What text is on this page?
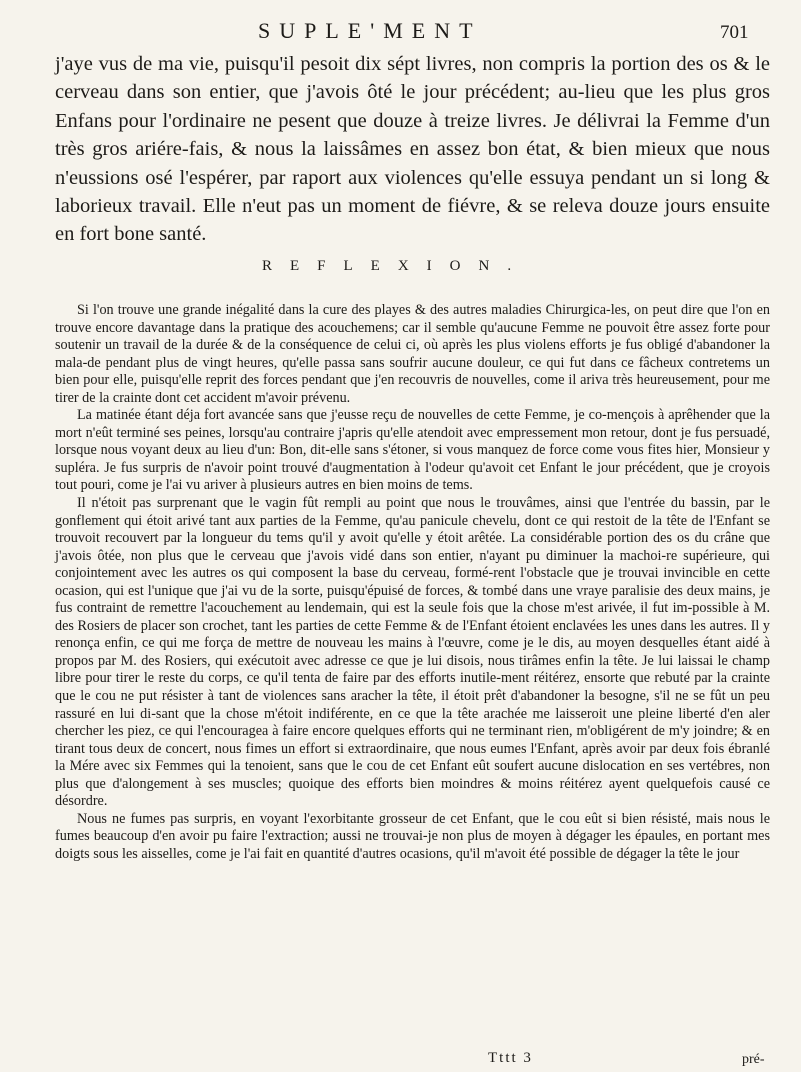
SUPLE'MENT	701

j'aye vus de ma vie, puisqu'il pesoit dix sépt livres, non compris la portion des os & le cerveau dans son entier, que j'avois ôté le jour précédent; au-lieu que les plus gros Enfans pour l'ordinaire ne pesent que douze à treize livres. Je délivrai la Femme d'un très gros ariére-fais, & nous la laissâmes en assez bon état, & bien mieux que nous n'eussions osé l'espérer, par raport aux violences qu'elle essuya pendant un si long & laborieux travail. Elle n'eut pas un moment de fiévre, & se releva douze jours ensuite en fort bone santé.

REFLEXION.

Si l'on trouve une grande inégalité dans la cure des playes & des autres maladies Chirurgica-les, on peut dire que l'on en trouve encore davantage dans la pratique des acouchemens; car il semble qu'aucune Femme ne pouvoit être assez forte pour soutenir un travail de la durée & de la conséquence de celui ci, où après les plus violens efforts je fus obligé d'abandoner la mala-de pendant plus de vingt heures, qu'elle passa sans soufrir aucune douleur, ce qui fut dans ce fâcheux contretems un bien pour elle, puisqu'elle reprit des forces pendant que j'en recouvris de nouvelles, come il ariva très heureusement, pour me tirer de la crainte dont cet accident m'avoir prévenu.

La matinée étant déja fort avancée sans que j'eusse reçu de nouvelles de cette Femme, je co-mençois à aprêhender que la mort n'eût terminé ses peines, lorsqu'au contraire j'apris qu'elle atendoit avec empressement mon retour, dont je fus persuadé, lorsque nous voyant deux au lieu d'un: Bon, dit-elle sans s'étoner, si vous manquez de force come vous fites hier, Monsieur y supléra. Je fus surpris de n'avoir point trouvé d'augmentation à l'odeur qu'avoit cet Enfant le jour précédent, que je croyois tout pouri, come je l'ai vu ariver à plusieurs autres en bien moins de tems.

Il n'étoit pas surprenant que le vagin fût rempli au point que nous le trouvâmes, ainsi que l'entrée du bassin, par le gonflement qui étoit arivé tant aux parties de la Femme, qu'au panicule chevelu, dont ce qui restoit de la tête de l'Enfant se trouvoit recouvert par la longueur du tems qu'il y avoit qu'elle y étoit arêtée. La considérable portion des os du crâne que j'avois ôtée, non plus que le cerveau que j'avois vidé dans son entier, n'ayant pu diminuer la machoi-re supérieure, qui conjointement avec les autres os qui composent la base du cerveau, formé-rent l'obstacle que je trouvai invincible en cette ocasion, qui est l'unique que j'ai vu de la sorte, puisqu'épuisé de forces, & tombé dans une vraye paralisie des deux mains, je fus contraint de remettre l'acouchement au lendemain, qui est la seule fois que la chose m'est arivée, il fut im-possible à M. des Rosiers de placer son crochet, tant les parties de cette Femme & de l'Enfant étoient enclavées les unes dans les autres. Il y renonça enfin, ce qui me força de mettre de nouveau les mains à l'œuvre, come je le dis, au moyen desquelles étant aidé à propos par M. des Rosiers, qui exécutoit avec adresse ce que je lui disois, nous tirâmes enfin la tête. Je lui laissai le champ libre pour tirer le reste du corps, ce qu'il tenta de faire par des efforts inutile-ment réitérez, ensorte que rebuté par la crainte que le cou ne put résister à tant de violences sans aracher la tête, il étoit prêt d'abandoner la besogne, s'il ne se fût un peu rassuré en lui di-sant que la chose m'étoit indiférente, en ce que la tête arachée me laisseroit une pleine liberté d'en aler chercher les piez, ce qui l'encouragea à faire encore quelques efforts qui ne terminant rien, m'obligérent de m'y joindre; & en tirant tous deux de concert, nous fimes un effort si extraordinaire, que nous eumes l'Enfant, après avoir par deux fois ébranlé la Mére avec six Femmes qui la tenoient, sans que le cou de cet Enfant eût soufert aucune dislocation en ses vertébres, non plus que d'alongement à ses muscles; quoique des efforts bien moindres & moins réitérez ayent quelquefois causé ce désordre.

Nous ne fumes pas surpris, en voyant l'exorbitante grosseur de cet Enfant, que le cou eût si bien résisté, mais nous le fumes beaucoup d'en avoir pu faire l'extraction; aussi ne trouvai-je non plus de moyen à dégager les épaules, en portant mes doigts sous les aisselles, come je l'ai fait en quantité d'autres ocasions, qu'il m'avoit été possible de dégager la tête le jour

Tttt 3	pré-
